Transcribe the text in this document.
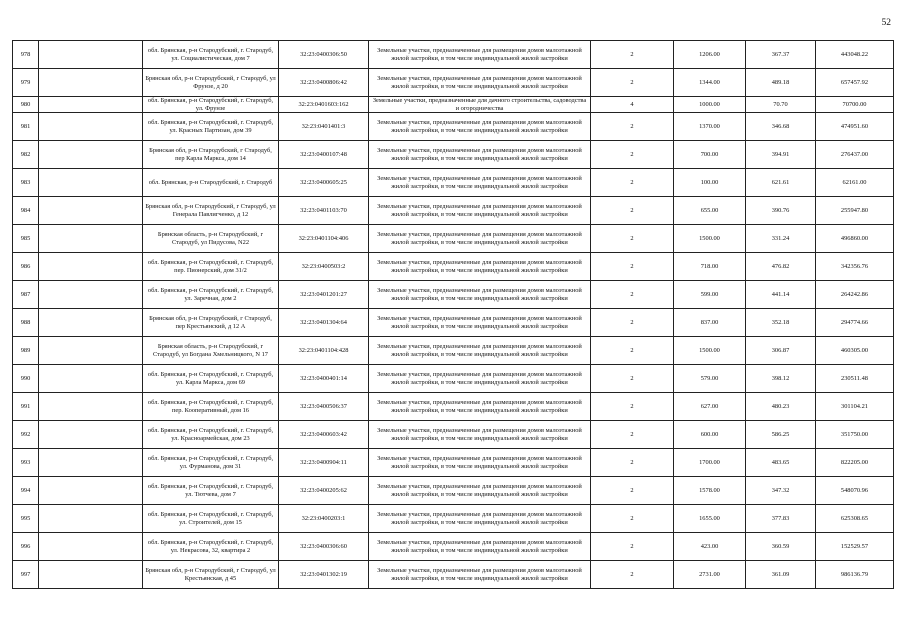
52
978		обл. Брянская, р-н Стародубский, г. Стародуб, ул. Социалистическая, дом 7	32:23:0400306:50	Земельные участки, предназначенные для размещения домов малоэтажной жилой застройки, в том числе индивидуальной жилой застройки	2	1206.00	367.37	443048.22
979		Брянская обл, р-н Стародубский, г Стародуб, ул Фрунзе, д 20	32:23:0400806:42	Земельные участки, предназначенные для размещения домов малоэтажной жилой застройки, в том числе индивидуальной жилой застройки	2	1344.00	489.18	657457.92
980		обл. Брянская, р-н Стародубский, г. Стародуб, ул. Фрунзе	32:23:0401603:162	Земельные участки, предназначенные для дачного строительства, садоводства и огородничества	4	1000.00	70.70	70700.00
981		обл. Брянская, р-н Стародубский, г. Стародуб, ул. Красных Партизан, дом 39	32:23:0401401:3	Земельные участки, предназначенные для размещения домов малоэтажной жилой застройки, в том числе индивидуальной жилой застройки	2	1370.00	346.68	474951.60
982		Брянская обл, р-н Стародубский, г Стародуб, пер Карла Маркса, дом 14	32:23:0400107:48	Земельные участки, предназначенные для размещения домов малоэтажной жилой застройки, в том числе индивидуальной жилой застройки	2	700.00	394.91	276437.00
983		обл. Брянская, р-н Стародубский, г. Стародуб	32:23:0400605:25	Земельные участки, предназначенные для размещения домов малоэтажной жилой застройки, в том числе индивидуальной жилой застройки	2	100.00	621.61	62161.00
984		Брянская обл, р-н Стародубский, г Стародуб, ул Генерала Павлигченко, д 12	32:23:0401103:70	Земельные участки, предназначенные для размещения домов малоэтажной жилой застройки, в том числе индивидуальной жилой застройки	2	655.00	390.76	255947.80
985		Брянская область, р-н Стародубский, г Стародуб, ул Пидусова, N22	32:23:0401104:406	Земельные участки, предназначенные для размещения домов малоэтажной жилой застройки, в том числе индивидуальной жилой застройки	2	1500.00	331.24	496860.00
986		обл. Брянская, р-н Стародубский, г. Стародуб, пер. Пионерский, дом 31/2	32:23:0400503:2	Земельные участки, предназначенные для размещения домов малоэтажной жилой застройки, в том числе индивидуальной жилой застройки	2	718.00	476.82	342356.76
987		обл. Брянская, р-н Стародубский, г. Стародуб, ул. Заречная, дом 2	32:23:0401201:27	Земельные участки, предназначенные для размещения домов малоэтажной жилой застройки, в том числе индивидуальной жилой застройки	2	599.00	441.14	264242.86
988		Брянская обл, р-н Стародубский, г Стародуб, пер Крестьянский, д 12 А	32:23:0401304:64	Земельные участки, предназначенные для размещения домов малоэтажной жилой застройки, в том числе индивидуальной жилой застройки	2	837.00	352.18	294774.66
989		Брянская область, р-н Стародубский, г Стародуб, ул Богдана Хмельницкого, N 17	32:23:0401104:428	Земельные участки, предназначенные для размещения домов малоэтажной жилой застройки, в том числе индивидуальной жилой застройки	2	1500.00	306.87	460305.00
990		обл. Брянская, р-н Стародубский, г. Стародуб, ул. Карла Маркса, дом 69	32:23:0400401:14	Земельные участки, предназначенные для размещения домов малоэтажной жилой застройки, в том числе индивидуальной жилой застройки	2	579.00	398.12	230511.48
991		обл. Брянская, р-н Стародубский, г. Стародуб, пер. Кооперативный, дом 16	32:23:0400506:37	Земельные участки, предназначенные для размещения домов малоэтажной жилой застройки, в том числе индивидуальной жилой застройки	2	627.00	480.23	301104.21
992		обл. Брянская, р-н Стародубский, г. Стародуб, ул. Красноармейская, дом 23	32:23:0400603:42	Земельные участки, предназначенные для размещения домов малоэтажной жилой застройки, в том числе индивидуальной жилой застройки	2	600.00	586.25	351750.00
993		обл. Брянская, р-н Стародубский, г. Стародуб, ул. Фурманова, дом 31	32:23:0400904:11	Земельные участки, предназначенные для размещения домов малоэтажной жилой застройки, в том числе индивидуальной жилой застройки	2	1700.00	483.65	822205.00
994		обл. Брянская, р-н Стародубский, г. Стародуб, ул. Тютчева, дом 7	32:23:0400205:62	Земельные участки, предназначенные для размещения домов малоэтажной жилой застройки, в том числе индивидуальной жилой застройки	2	1578.00	347.32	548070.96
995		обл. Брянская, р-н Стародубский, г. Стародуб, ул. Строителей, дом 15	32:23:0400203:1	Земельные участки, предназначенные для размещения домов малоэтажной жилой застройки, в том числе индивидуальной жилой застройки	2	1655.00	377.83	625308.65
996		обл. Брянская, р-н Стародубский, г. Стародуб, ул. Некрасова, 32, квартира 2	32:23:0400306:60	Земельные участки, предназначенные для размещения домов малоэтажной жилой застройки, в том числе индивидуальной жилой застройки	2	423.00	360.59	152529.57
997		Брянская обл, р-н Стародубский, г Стародуб, ул Крестьянская, д 45	32:23:0401302:19	Земельные участки, предназначенные для размещения домов малоэтажной жилой застройки, в том числе индивидуальной жилой застройки	2	2731.00	361.09	986136.79
